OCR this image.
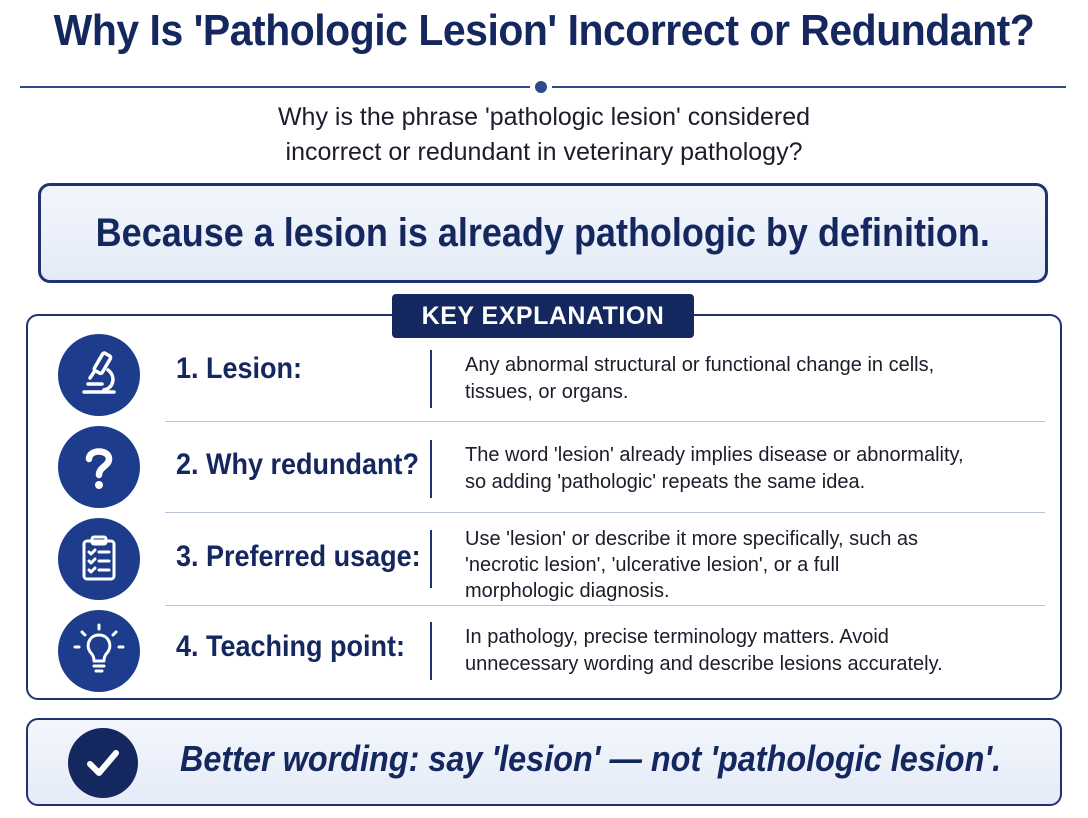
Why Is 'Pathologic Lesion' Incorrect or Redundant?
Why is the phrase 'pathologic lesion' considered
incorrect or redundant in veterinary pathology?
Because a lesion is already pathologic by definition.
KEY EXPLANATION
1. Lesion:	Any abnormal structural or functional change in cells,
tissues, or organs.
2. Why redundant? The word 'lesion' already implies disease or abnormality,
so adding 'pathologic' repeats the same idea.
3. Preferred usage:
Use 'lesion' or describe it more specifically, such as
'necrotic lesion', 'ulcerative lesion', or a full
morphologic diagnosis.
4. Teaching point:	In pathology, precise terminology matters. Avoid
unnecessary wording and describe lesions accurately.
Better wording: say 'lesion' — not 'pathologic lesion'.
